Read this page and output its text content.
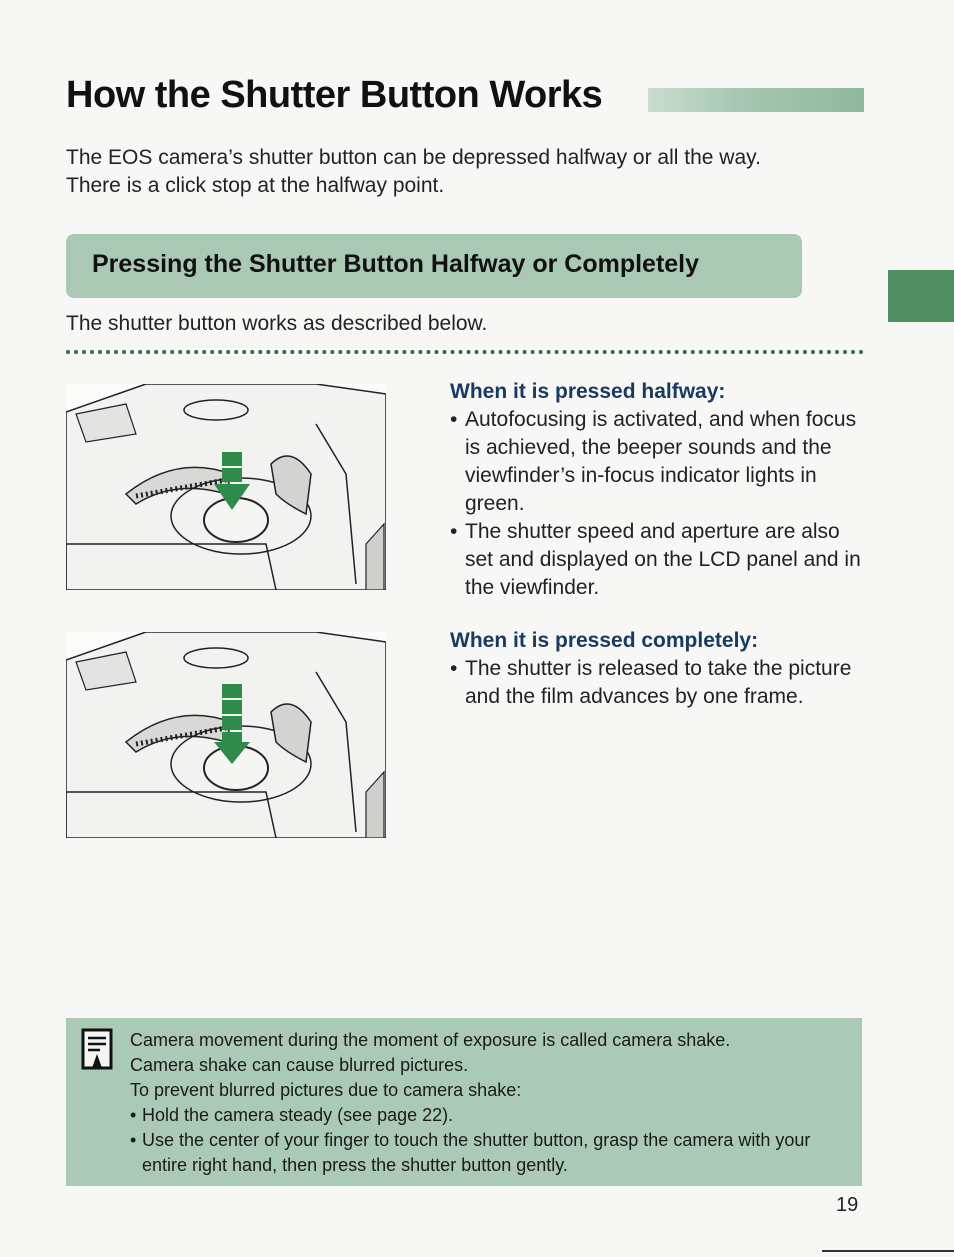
How the Shutter Button Works
The EOS camera’s shutter button can be depressed halfway or all the way.
There is a click stop at the halfway point.
Pressing the Shutter Button Halfway or Completely
The shutter button works as described below.
When it is pressed halfway:
• Autofocusing is activated, and when focus is achieved, the beeper sounds and the viewfinder’s in-focus indicator lights in green.
• The shutter speed and aperture are also set and displayed on the LCD panel and in the viewfinder.
When it is pressed completely:
• The shutter is released to take the picture and the film advances by one frame.
Camera movement during the moment of exposure is called camera shake.
Camera shake can cause blurred pictures.
To prevent blurred pictures due to camera shake:
• Hold the camera steady (see page 22).
• Use the center of your finger to touch the shutter button, grasp the camera with your entire right hand, then press the shutter button gently.
19
